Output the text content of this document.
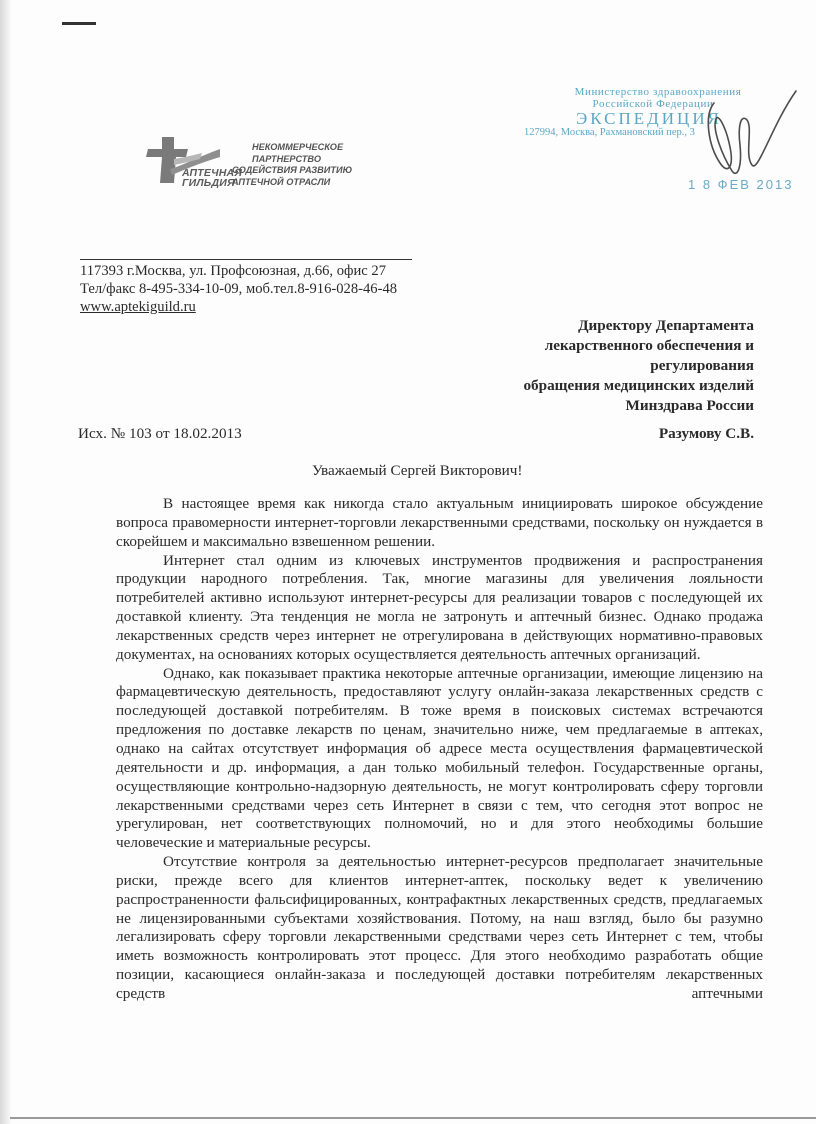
АПТЕЧНАЯ
ГИЛЬДИЯ
НЕКОММЕРЧЕСКОЕ
ПАРТНЕРСТВО
СОДЕЙСТВИЯ РАЗВИТИЮ
АПТЕЧНОЙ ОТРАСЛИ
Министерство здравоохранения
Российской Федерации
ЭКСПЕДИЦИЯ
127994, Москва, Рахмановский пер., 3
1 8 ФЕВ 2013
117393 г.Москва, ул. Профсоюзная, д.66, офис 27
Тел/факс 8-495-334-10-09, моб.тел.8-916-028-46-48
www.aptekiguild.ru
Директору Департамента
лекарственного обеспечения и
регулирования
обращения медицинских изделий
Минздрава России
Исх. № 103 от 18.02.2013	Разумову С.В.
Уважаемый Сергей Викторович!

В настоящее время как никогда стало актуальным инициировать широкое обсуждение вопроса правомерности интернет-торговли лекарственными средствами, поскольку он нуждается в скорейшем и максимально взвешенном решении.

Интернет стал одним из ключевых инструментов продвижения и распространения продукции народного потребления. Так, многие магазины для увеличения лояльности потребителей активно используют интернет-ресурсы для реализации товаров с последующей их доставкой клиенту. Эта тенденция не могла не затронуть и аптечный бизнес. Однако продажа лекарственных средств через интернет не отрегулирована в действующих нормативно-правовых документах, на основаниях которых осуществляется деятельность аптечных организаций.

Однако, как показывает практика некоторые аптечные организации, имеющие лицензию на фармацевтическую деятельность, предоставляют услугу онлайн-заказа лекарственных средств с последующей доставкой потребителям. В тоже время в поисковых системах встречаются предложения по доставке лекарств по ценам, значительно ниже, чем предлагаемые в аптеках, однако на сайтах отсутствует информация об адресе места осуществления фармацевтической деятельности и др. информация, а дан только мобильный телефон. Государственные органы, осуществляющие контрольно-надзорную деятельность, не могут контролировать сферу торговли лекарственными средствами через сеть Интернет в связи с тем, что сегодня этот вопрос не урегулирован, нет соответствующих полномочий, но и для этого необходимы большие человеческие и материальные ресурсы.

Отсутствие контроля за деятельностью интернет-ресурсов предполагает значительные риски, прежде всего для клиентов интернет-аптек, поскольку ведет к увеличению распространенности фальсифицированных, контрафактных лекарственных средств, предлагаемых не лицензированными субъектами хозяйствования. Потому, на наш взгляд, было бы разумно легализировать сферу торговли лекарственными средствами через сеть Интернет с тем, чтобы иметь возможность контролировать этот процесс. Для этого необходимо разработать общие позиции, касающиеся онлайн-заказа и последующей доставки потребителям лекарственных средств аптечными
